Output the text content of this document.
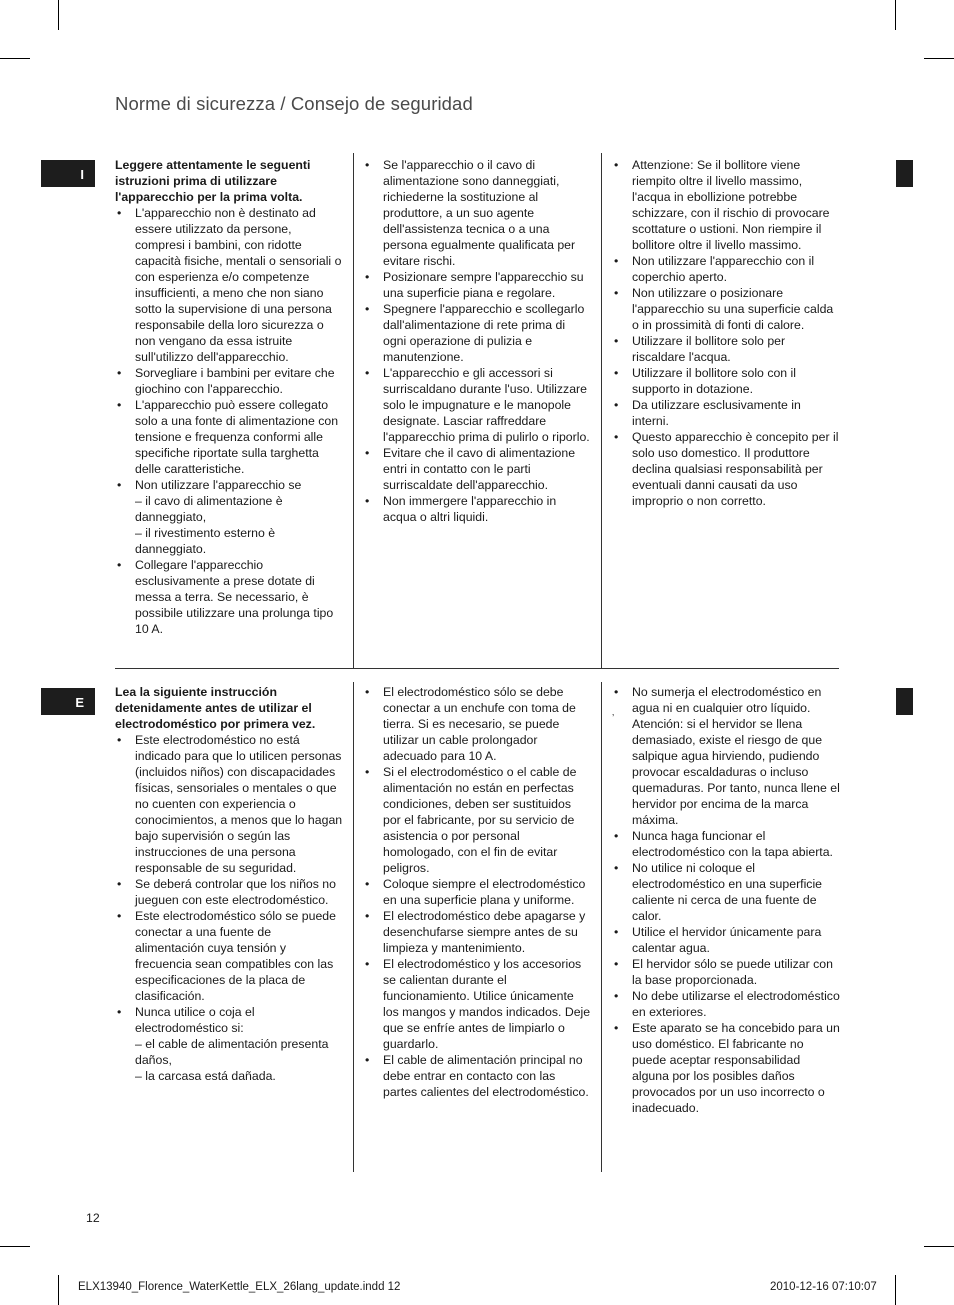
Norme di sicurezza / Consejo de seguridad
I

Leggere attentamente le seguenti istruzioni prima di utilizzare l'apparecchio per la prima volta.

• L'apparecchio non è destinato ad essere utilizzato da persone, compresi i bambini, con ridotte capacità fisiche, mentali o sensoriali o con esperienza e/o competenze insufficienti, a meno che non siano sotto la supervisione di una persona responsabile della loro sicurezza o non vengano da essa istruite sull'utilizzo dell'apparecchio.
• Sorvegliare i bambini per evitare che giochino con l'apparecchio.
• L'apparecchio può essere collegato solo a una fonte di alimentazione con tensione e frequenza conformi alle specifiche riportate sulla targhetta delle caratteristiche.
• Non utilizzare l'apparecchio se
– il cavo di alimentazione è danneggiato,
– il rivestimento esterno è danneggiato.
• Collegare l'apparecchio esclusivamente a prese dotate di messa a terra. Se necessario, è possibile utilizzare una prolunga tipo 10 A.
• Se l'apparecchio o il cavo di alimentazione sono danneggiati, richiederne la sostituzione al produttore, a un suo agente dell'assistenza tecnica o a una persona egualmente qualificata per evitare rischi.
• Posizionare sempre l'apparecchio su una superficie piana e regolare.
• Spegnere l'apparecchio e scollegarlo dall'alimentazione di rete prima di ogni operazione di pulizia e manutenzione.
• L'apparecchio e gli accessori si surriscaldano durante l'uso. Utilizzare solo le impugnature e le manopole designate. Lasciar raffreddare l'apparecchio prima di pulirlo o riporlo.
• Evitare che il cavo di alimentazione entri in contatto con le parti surriscaldate dell'apparecchio.
• Non immergere l'apparecchio in acqua o altri liquidi.
• Attenzione: Se il bollitore viene riempito oltre il livello massimo, l'acqua in ebollizione potrebbe schizzare, con il rischio di provocare scottature o ustioni. Non riempire il bollitore oltre il livello massimo.
• Non utilizzare l'apparecchio con il coperchio aperto.
• Non utilizzare o posizionare l'apparecchio su una superficie calda o in prossimità di fonti di calore.
• Utilizzare il bollitore solo per riscaldare l'acqua.
• Utilizzare il bollitore solo con il supporto in dotazione.
• Da utilizzare esclusivamente in interni.
• Questo apparecchio è concepito per il solo uso domestico. Il produttore declina qualsiasi responsabilità per eventuali danni causati da uso improprio o non corretto.
E

Lea la siguiente instrucción detenidamente antes de utilizar el electrodoméstico por primera vez.

• Este electrodoméstico no está indicado para que lo utilicen personas (incluidos niños) con discapacidades físicas, sensoriales o mentales o que no cuenten con experiencia o conocimientos, a menos que lo hagan bajo supervisión o según las instrucciones de una persona responsable de su seguridad.
• Se deberá controlar que los niños no jueguen con este electrodoméstico.
• Este electrodoméstico sólo se puede conectar a una fuente de alimentación cuya tensión y frecuencia sean compatibles con las especificaciones de la placa de clasificación.
• Nunca utilice o coja el electrodoméstico si:
– el cable de alimentación presenta daños,
– la carcasa está dañada.
• El electrodoméstico sólo se debe conectar a un enchufe con toma de tierra. Si es necesario, se puede utilizar un cable prolongador adecuado para 10 A.
• Si el electrodoméstico o el cable de alimentación no están en perfectas condiciones, deben ser sustituidos por el fabricante, por su servicio de asistencia o por personal homologado, con el fin de evitar peligros.
• Coloque siempre el electrodoméstico en una superficie plana y uniforme.
• El electrodoméstico debe apagarse y desenchufarse siempre antes de su limpieza y mantenimiento.
• El electrodoméstico y los accesorios se calientan durante el funcionamiento. Utilice únicamente los mangos y mandos indicados. Deje que se enfríe antes de limpiarlo o guardarlo.
• El cable de alimentación principal no debe entrar en contacto con las partes calientes del electrodoméstico.
• No sumerja el electrodoméstico en agua ni en cualquier otro líquido.
Atención: si el hervidor se llena demasiado, existe el riesgo de que salpique agua hirviendo, pudiendo provocar escaldaduras o incluso quemaduras. Por tanto, nunca llene el hervidor por encima de la marca máxima.
• Nunca haga funcionar el electrodoméstico con la tapa abierta.
• No utilice ni coloque el electrodoméstico en una superficie caliente ni cerca de una fuente de calor.
• Utilice el hervidor únicamente para calentar agua.
• El hervidor sólo se puede utilizar con la base proporcionada.
• No debe utilizarse el electrodoméstico en exteriores.
• Este aparato se ha concebido para un uso doméstico. El fabricante no puede aceptar responsabilidad alguna por los posibles daños provocados por un uso incorrecto o inadecuado.
’
12
ELX13940_Florence_WaterKettle_ELX_26lang_update.indd 12	2010-12-16 07:10:07
